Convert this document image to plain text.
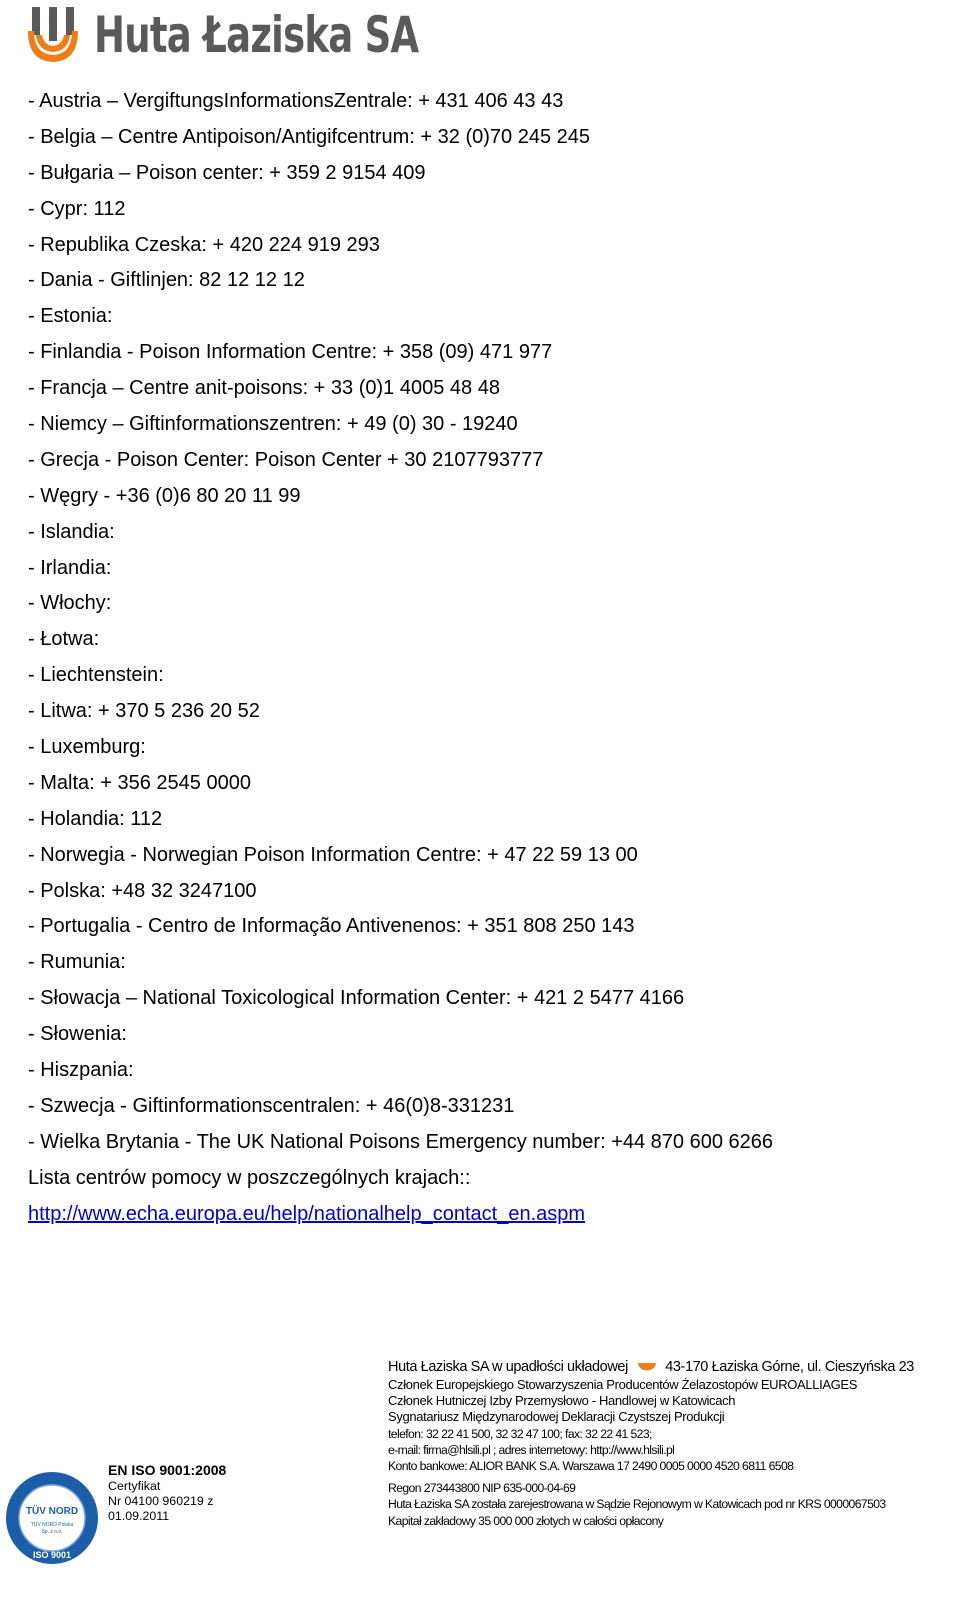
Huta Łaziska SA
- Austria – VergiftungsInformationsZentrale: + 431 406 43 43
- Belgia – Centre Antipoison/Antigifcentrum: + 32 (0)70 245 245
- Bułgaria – Poison center: + 359 2 9154 409
- Cypr: 112
- Republika Czeska: + 420 224 919 293
- Dania - Giftlinjen: 82 12 12 12
- Estonia:
- Finlandia - Poison Information Centre: + 358 (09) 471 977
- Francja – Centre anit-poisons: + 33 (0)1 4005 48 48
- Niemcy – Giftinformationszentren: + 49 (0) 30 - 19240
- Grecja - Poison Center: Poison Center + 30 2107793777
- Węgry - +36 (0)6 80 20 11 99
- Islandia:
- Irlandia:
- Włochy:
- Łotwa:
- Liechtenstein:
- Litwa: + 370 5 236 20 52
- Luxemburg:
- Malta: + 356 2545 0000
- Holandia: 112
- Norwegia - Norwegian Poison Information Centre: + 47 22 59 13 00
- Polska: +48 32 3247100
- Portugalia - Centro de Informação Antivenenos: + 351 808 250 143
- Rumunia:
- Słowacja – National Toxicological Information Center: + 421 2 5477 4166
- Słowenia:
- Hiszpania:
- Szwecja - Giftinformationscentralen: + 46(0)8-331231
- Wielka Brytania - The UK National Poisons Emergency number: +44 870 600 6266
Lista centrów pomocy w poszczególnych krajach::
http://www.echa.europa.eu/help/nationalhelp_contact_en.aspm
TÜV NORD
TÜV NORD Polska
Sp. z o.o.
ISO 9001
EN ISO 9001:2008
Certyfikat
Nr 04100 960219 z
01.09.2011
Huta Łaziska SA w upadłości układowej	43-170 Łaziska Górne, ul. Cieszyńska 23
Członek Europejskiego Stowarzyszenia Producentów Żelazostopów EUROALLIAGES
Członek Hutniczej Izby Przemysłowo - Handlowej w Katowicach
Sygnatariusz Międzynarodowej Deklaracji Czystszej Produkcji
telefon: 32 22 41 500, 32 32 47 100; fax: 32 22 41 523;
e-mail: firma@hlsili.pl ; adres internetowy: http://www.hlsili.pl
Konto bankowe: ALIOR BANK S.A. Warszawa 17 2490 0005 0000 4520 6811 6508
Regon 273443800 NIP 635-000-04-69
Huta Łaziska SA została zarejestrowana w Sądzie Rejonowym w Katowicach pod nr KRS 0000067503
Kapitał zakładowy 35 000 000 złotych w całości opłacony
